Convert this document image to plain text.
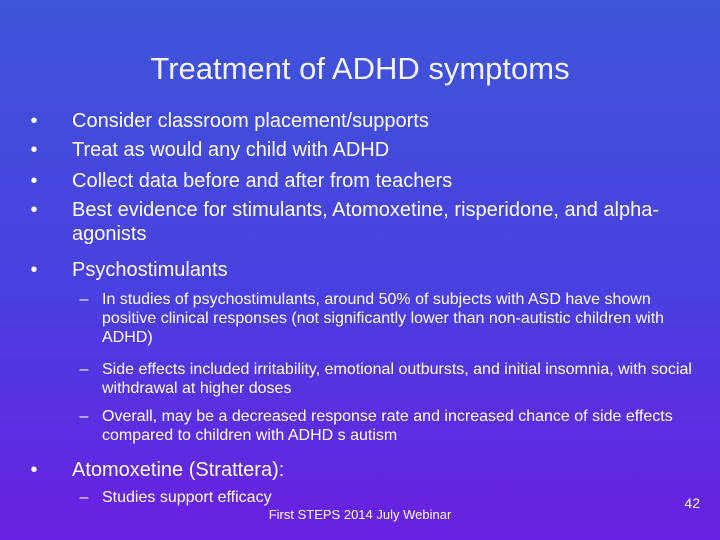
Treatment of ADHD symptoms
• Consider classroom placement/supports
• Treat as would any child with ADHD
• Collect data before and after from teachers
• Best evidence for stimulants, Atomoxetine, risperidone, and alpha-agonists
• Psychostimulants
– In studies of psychostimulants, around 50% of subjects with ASD have shown positive clinical responses (not significantly lower than non-autistic children with ADHD)
– Side effects included irritability, emotional outbursts, and initial insomnia, with social withdrawal at higher doses
– Overall, may be a decreased response rate and increased chance of side effects compared to children with ADHD s autism
• Atomoxetine (Strattera):
– Studies support efficacy
First STEPS 2014 July Webinar
42
